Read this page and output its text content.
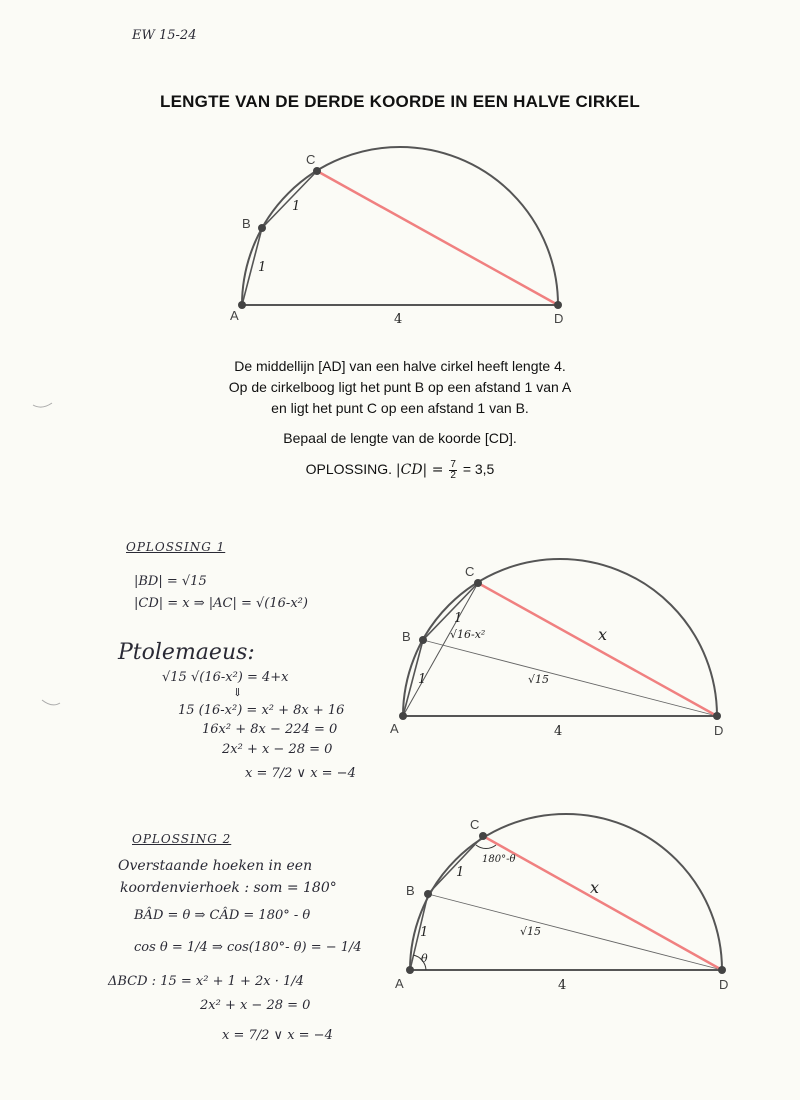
EW 15-24
LENGTE VAN DE DERDE KOORDE IN EEN HALVE CIRKEL
A
B
C
D
1
1
4
A
B
C
D
1
1
√16-x²
√15
x
4
A
B
C
D
1
1
√15
x
4
θ
180°-θ

De middellijn [AD] van een halve cirkel heeft lengte 4.

Op de cirkelboog ligt het punt B op een afstand 1 van A

en ligt het punt C op een afstand 1 van B.

Bepaal de lengte van de koorde [CD].
OPLOSSING. $|CD| = \frac{7}{2} = 3,5$
OPLOSSING 1
|BD| = √15
|CD| = x ⇒ |AC| = √(16-x²)
Ptolemaeus:
√15 √(16-x²) = 4+x
⇓
15 (16-x²) = x² + 8x + 16
16x² + 8x − 224 = 0
2x² + x − 28 = 0
x = 7/2 ∨ x = −4
OPLOSSING 2
Overstaande hoeken in een
koordenvierhoek : som = 180°
BÂD = θ ⇒ CÂD = 180° - θ
cos θ = 1/4 ⇒ cos(180°- θ) = − 1/4
ΔBCD : 15 = x² + 1 + 2x · 1/4
2x² + x − 28 = 0
x = 7/2 ∨ x = −4
